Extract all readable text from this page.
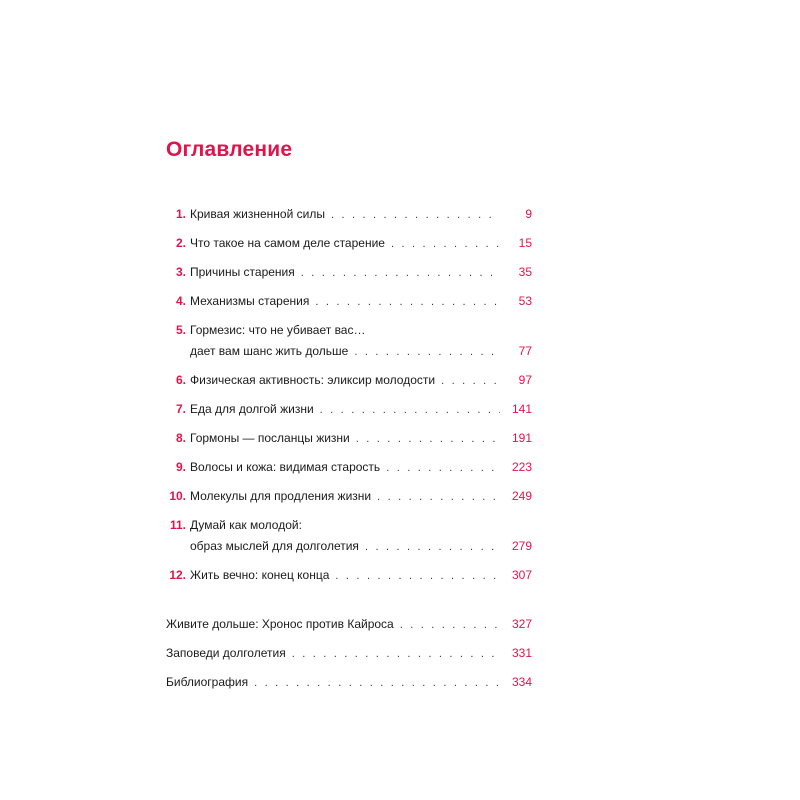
Оглавление
1. Кривая жизненной силы . . .	9
2. Что такое на самом деле старение . . .	15
3. Причины старения . . .	35
4. Механизмы старения . . .	53
5. Гормезис: что не убивает вас…
дает вам шанс жить дольше . . .	77
6. Физическая активность: эликсир молодости . . .	97
7. Еда для долгой жизни . . .	141
8. Гормоны — посланцы жизни . . .	191
9. Волосы и кожа: видимая старость . . .	223
10. Молекулы для продления жизни . . .	249
11. Думай как молодой:
образ мыслей для долголетия . . .	279
12. Жить вечно: конец конца . . .	307
Живите дольше: Хронос против Кайроса . . .	327
Заповеди долголетия . . .	331
Библиография . . .	334
